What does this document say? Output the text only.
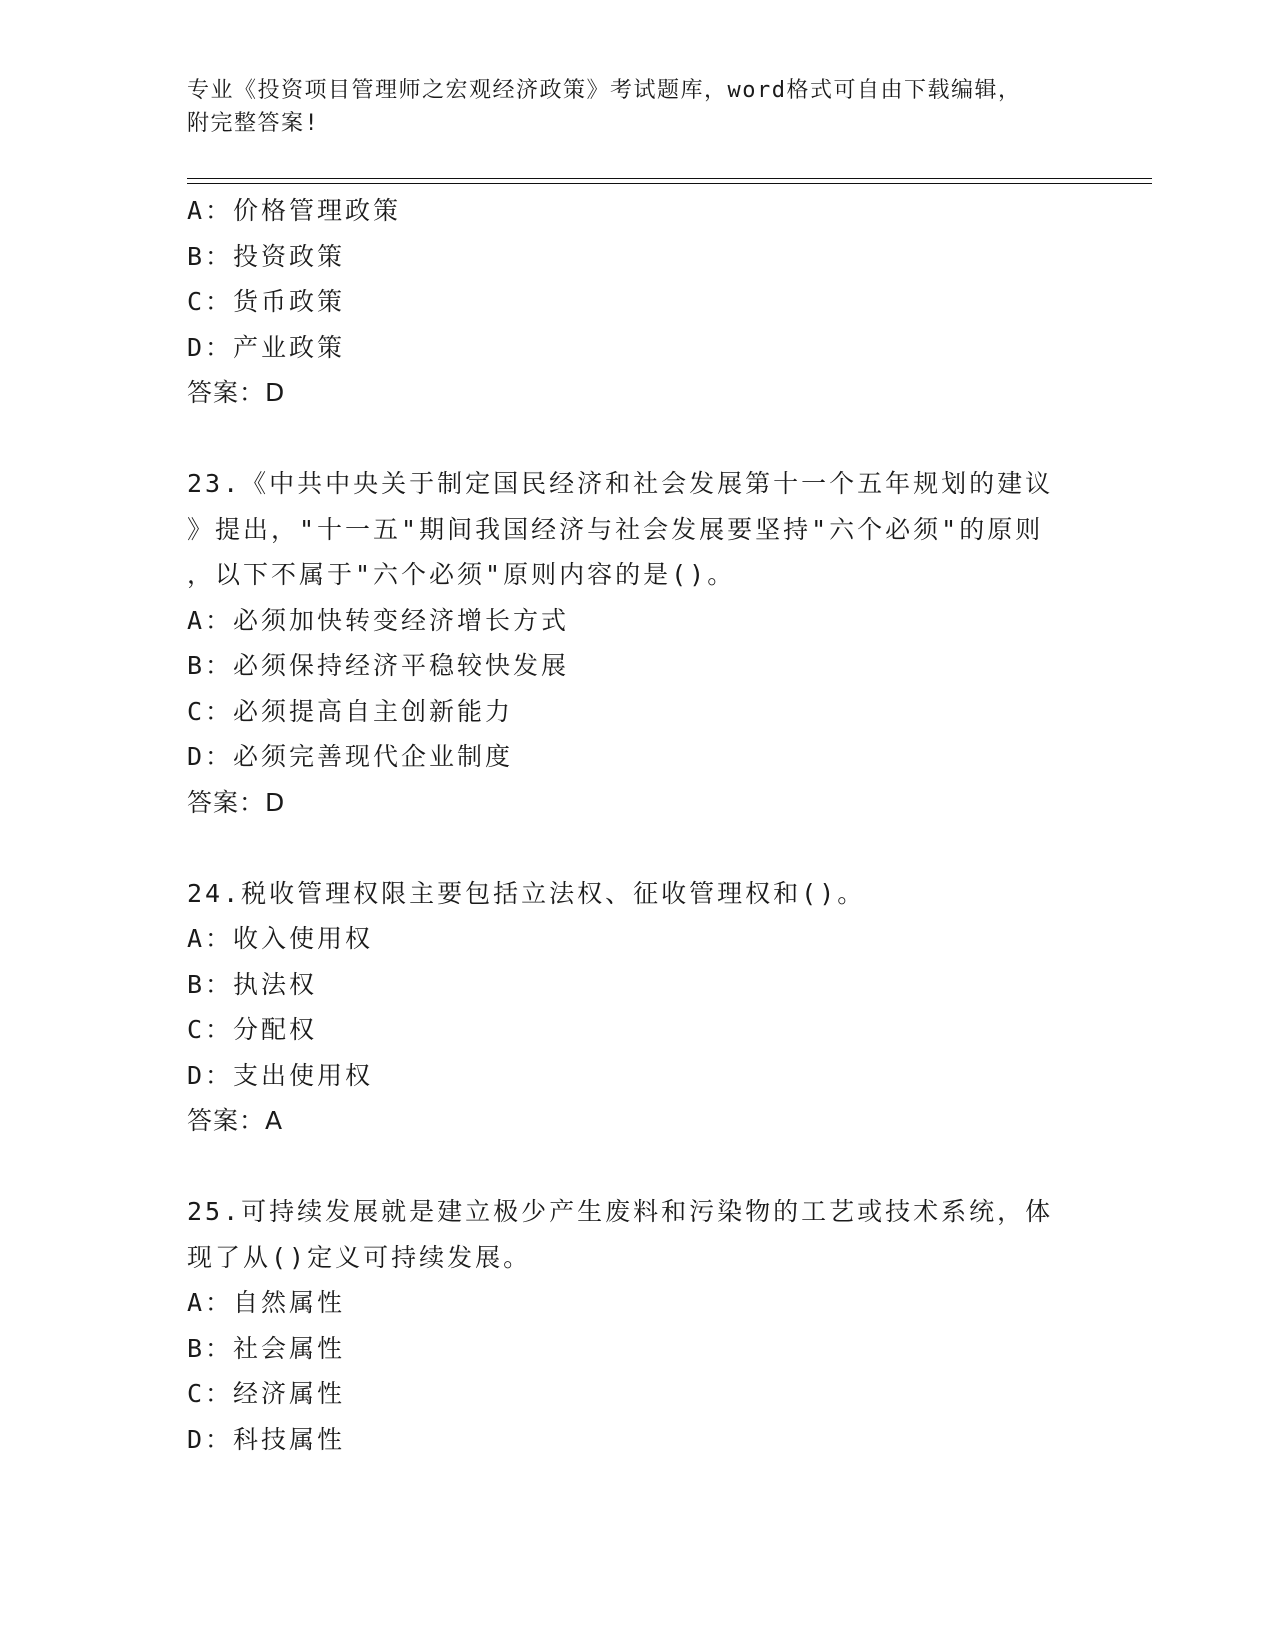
专业《投资项目管理师之宏观经济政策》考试题库，word格式可自由下载编辑，
附完整答案!
A：价格管理政策
B：投资政策
C：货币政策
D：产业政策
答案：D
23.《中共中央关于制定国民经济和社会发展第十一个五年规划的建议
》提出，"十一五"期间我国经济与社会发展要坚持"六个必须"的原则
，以下不属于"六个必须"原则内容的是()。
A：必须加快转变经济增长方式
B：必须保持经济平稳较快发展
C：必须提高自主创新能力
D：必须完善现代企业制度
答案：D
24.税收管理权限主要包括立法权、征收管理权和()。
A：收入使用权
B：执法权
C：分配权
D：支出使用权
答案：A
25.可持续发展就是建立极少产生废料和污染物的工艺或技术系统，体
现了从()定义可持续发展。
A：自然属性
B：社会属性
C：经济属性
D：科技属性
